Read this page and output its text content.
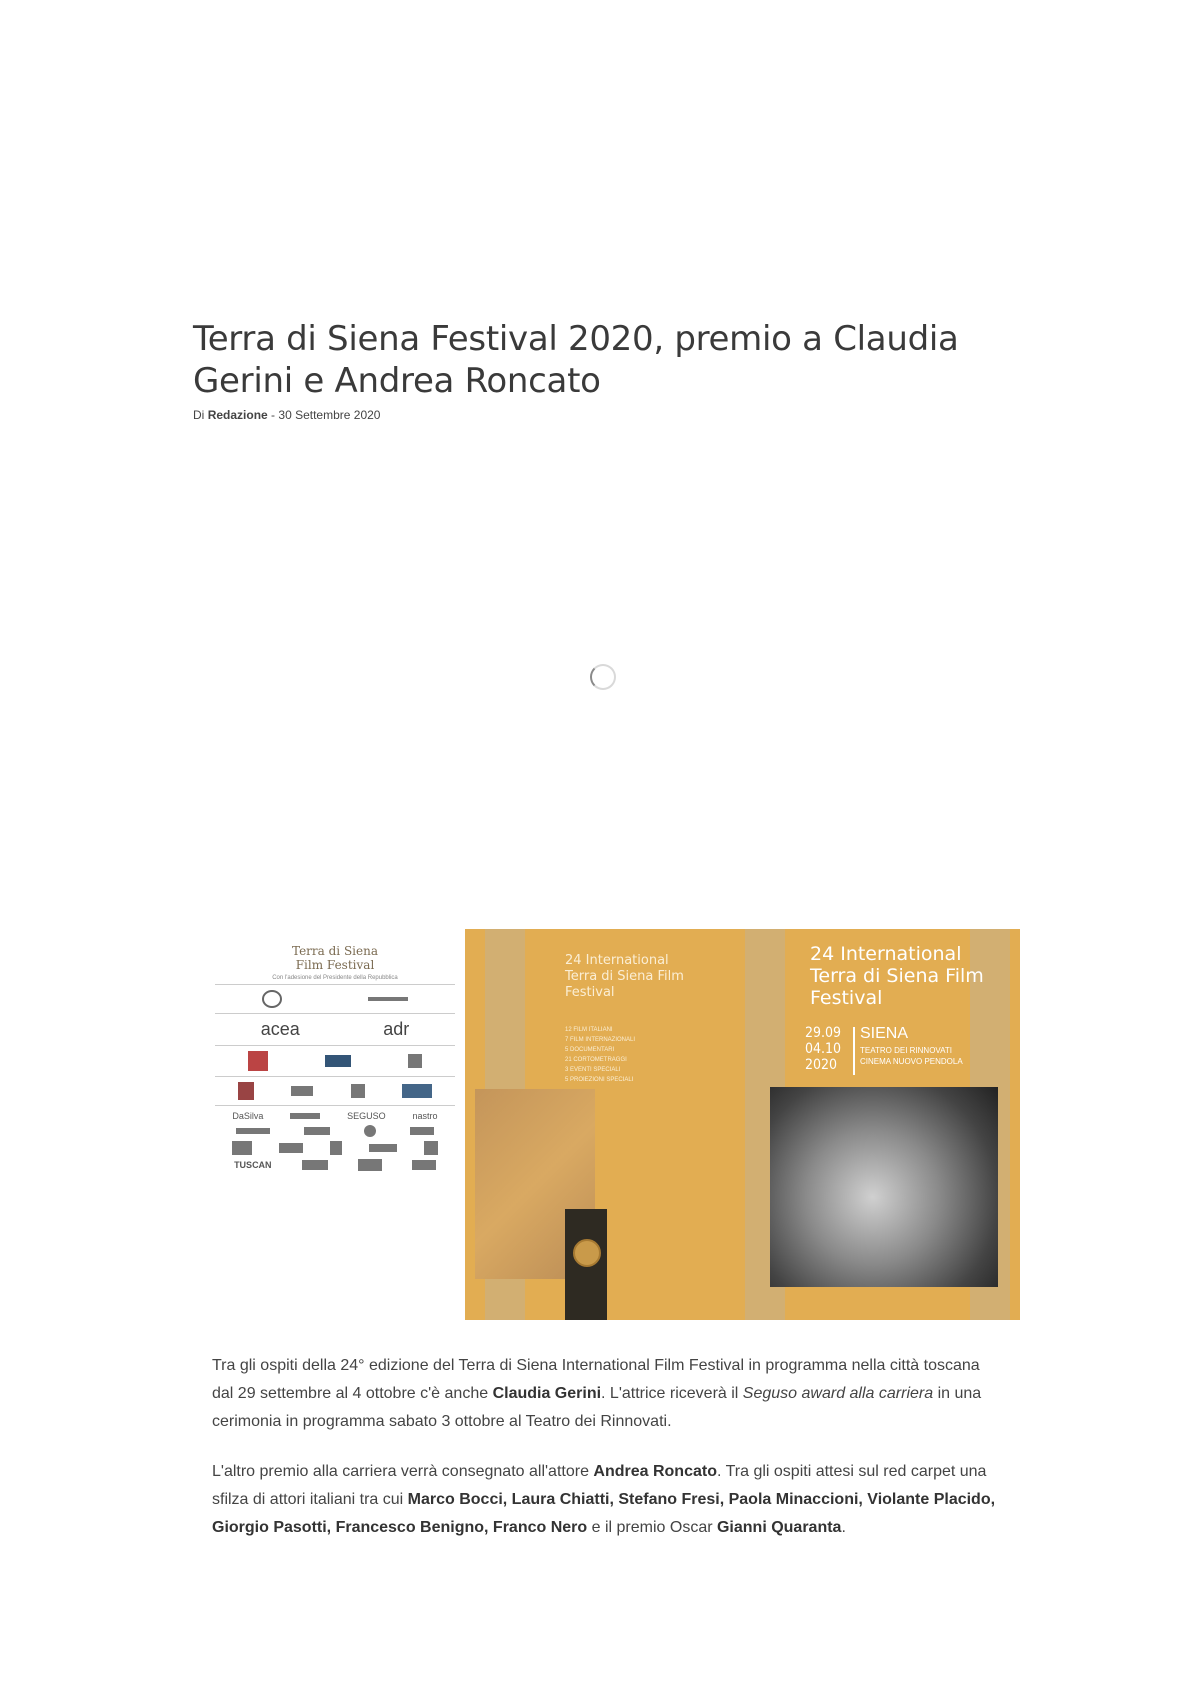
Terra di Siena Festival 2020, premio a Claudia Gerini e Andrea Roncato
Di Redazione - 30 Settembre 2020
Terra di Siena
Film Festival
Con l'adesione del Presidente della Repubblica
acea	adr
DaSilva	SEGUSO	nastro
TUSCAN
24 International Terra di Siena Film Festival
12 FILM ITALIANI
7 FILM INTERNAZIONALI
5 DOCUMENTARI
21 CORTOMETRAGGI
3 EVENTI SPECIALI
5 PROIEZIONI SPECIALI
24 International Terra di Siena Film Festival
29.09
04.10
2020
SIENA
TEATRO DEI RINNOVATI
CINEMA NUOVO PENDOLA

Tra gli ospiti della 24° edizione del Terra di Siena International Film Festival in programma nella città toscana dal 29 settembre al 4 ottobre c'è anche Claudia Gerini. L'attrice riceverà il Seguso award alla carriera in una cerimonia in programma sabato 3 ottobre al Teatro dei Rinnovati.

L'altro premio alla carriera verrà consegnato all'attore Andrea Roncato. Tra gli ospiti attesi sul red carpet una sfilza di attori italiani tra cui Marco Bocci, Laura Chiatti, Stefano Fresi, Paola Minaccioni, Violante Placido, Giorgio Pasotti, Francesco Benigno, Franco Nero e il premio Oscar Gianni Quaranta.
